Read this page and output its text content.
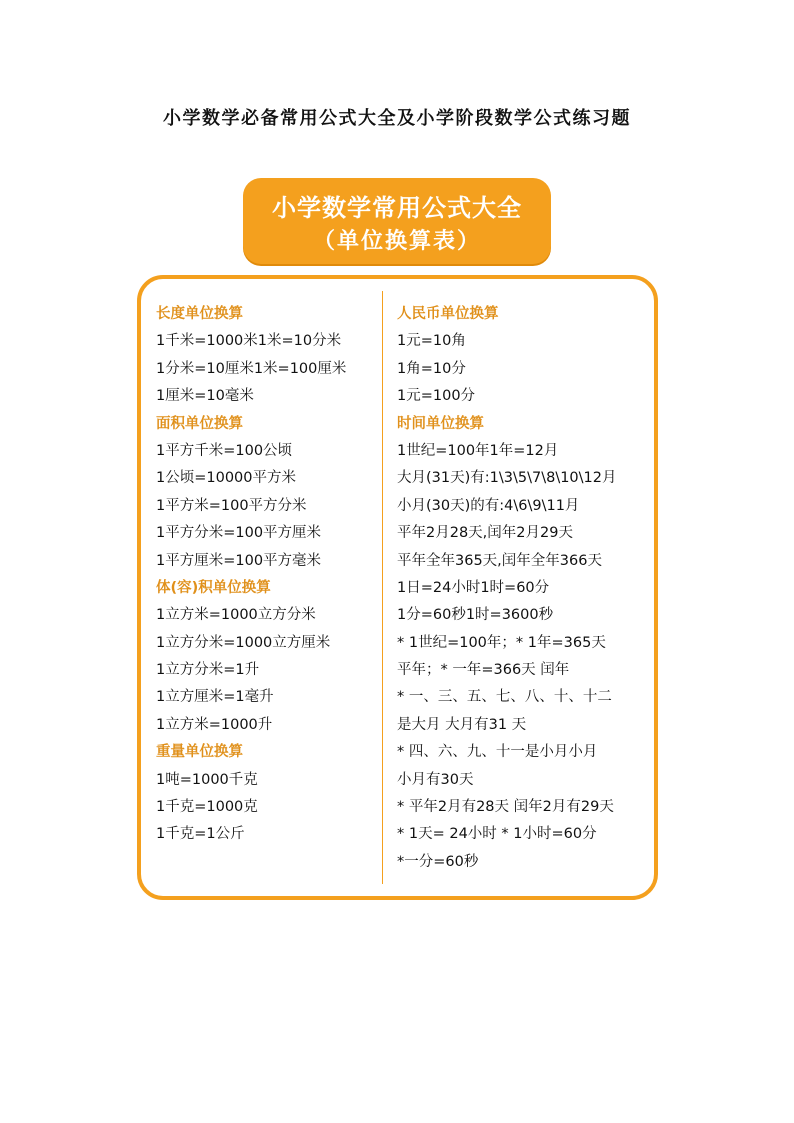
小学数学必备常用公式大全及小学阶段数学公式练习题
小学数学常用公式大全
（单位换算表）
长度单位换算
1千米=1000米1米=10分米
1分米=10厘米1米=100厘米
1厘米=10毫米
面积单位换算
1平方千米=100公顷
1公顷=10000平方米
1平方米=100平方分米
1平方分米=100平方厘米
1平方厘米=100平方毫米
体(容)积单位换算
1立方米=1000立方分米
1立方分米=1000立方厘米
1立方分米=1升
1立方厘米=1毫升
1立方米=1000升
重量单位换算
1吨=1000千克
1千克=1000克
1千克=1公斤
人民币单位换算
1元=10角
1角=10分
1元=100分
时间单位换算
1世纪=100年1年=12月
大月(31天)有:1\3\5\7\8\10\12月
小月(30天)的有:4\6\9\11月
平年2月28天,闰年2月29天
平年全年365天,闰年全年366天
1日=24小时1时=60分
1分=60秒1时=3600秒
* 1世纪=100年；* 1年=365天
平年；* 一年=366天 闰年
* 一、三、五、七、八、十、十二
是大月 大月有31 天
* 四、六、九、十一是小月小月
小月有30天
* 平年2月有28天 闰年2月有29天
* 1天= 24小时 * 1小时=60分
*一分=60秒
